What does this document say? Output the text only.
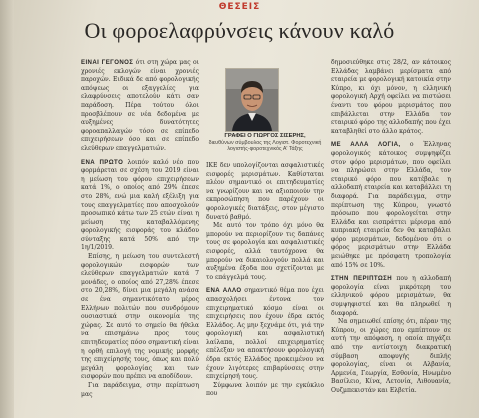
ΘΕΣΕΙΣ
Οι φοροελαφρύνσεις κάνουν καλό

ΕΙΝΑΙ ΓΕΓΟΝΟΣ ότι στη χώρα μας οι χρονιές εκλογών είναι χρονιές παροχών. Ειδικά δε από φορολογικής απόψεως οι εξαγγελίες για ελαφρύνσεις αποτελούν κάτι σαν παράδοση. Πέρα τούτου όλοι προσβλέπουν σε νέα δεδομένα με αυξημένες δυνατότητες φοροαπαλλαγών τόσο σε επίπεδο επιχειρήσεων όσο και σε επίπεδο ελεύθερων επαγγελματιών.

ΕΝΑ ΠΡΩΤΟ λοιπόν καλό νέο που φορμάρεται σε σχέση του 2019 είναι η μείωση του φόρου επιχειρήσεων κατά 1%, ο οποίος από 29% έπεσε στο 28%, ενώ μια καλή εξέλιξη για τους επαγγελματίες που αποσχολούν προσωπικό κάτω των 25 ετών είναι η μείωση της καταβαλλόμενης φορολογικής εισφοράς του κλάδου σύνταξης κατά 50% από την 1η/1/2019.

Επίσης, η μείωση του συντελεστή φορολογικών εισφορών των ελεύθερων επαγγελματιών κατά 7 μονάδες, ο οποίος από 27,28% έπεσε στο 20,28%, δίνει μια μεγάλη ανάσα σε ένα σημαντικότατο μέρος Ελλήνων πολιτών που συνδρόμουν ουσιαστικά στην οικονομία της χώρας. Σε αυτό το σημείο θα ήθελα να επισημάνω προς τους επιτηδευματίες πόσο σημαντική είναι η ορθή επιλογή της νομικής μορφής της επιχείρησής τους, όπως και πολύ μεγάλη φορολογίας και των εισφορών που πρέπει να αποδίδουν.

Για παράδειγμα, στην περίπτωση μας

ΓΡΑΦΕΙ Ο ΓΙΩΡΓΟΣ ΣΙΣΕΡΗΣ,
διευθύνων σύμβουλος της Λογιστ. Φοροτεχνική
λογιστής-φοροτεχνικός Α' Τάξης

ΙΚΕ δεν υπολογίζονται ασφαλιστικές εισφορές μερισμάτων. Καθίσταται πλέον σημαντικό οι επιτηδευματίες να γνωρίζουν και να αξιοποιούν την εκπροσώπηση που παρέχουν οι φορολογικές διατάξεις, στον μέγιστο δυνατό βαθμό.

Με αυτό τον τρόπο όχι μόνο θα μπορούν να περιορίζουν τις δαπάνες τους σε φορολογία και ασφαλιστικές εισφορές, αλλά ταυτόχρονα θα μπορούν να δικαιολογούν πολλά και αυξημένα έξοδα που σχετίζονται με το επάγγελμά τους.

ΕΝΑ ΑΛΛΟ σημαντικό θέμα που έχει απασχολήσει έντονα τον επιχειρηματικό κόσμο είναι οι επιχειρήσεις που έχουν έδρα εκτός Ελλάδος. Ας μην ξεχνάμε ότι, γιά την φορολογική και ασφαλιστική λαίλαπα, πολλοί επιχειρηματίες επέλεξαν να αποκτήσουν φορολογική έδρα εκτός Ελλάδος προκειμένου να έχουν λιγότερες επιβαρύνσεις στην επιχείρησή τους.

Σύμφωνα λοιπόν με την εγκύκλιο που

δημοσιεύθηκε στις 28/2, αν κάτοικος Ελλάδας λαμβάνει μερίσματα από εταιρεία με φορολογική κατοικία στην Κύπρο, κι όχι μόνον, η ελληνική φορολογική Αρχή οφείλει να πιστώσει έναντι του φόρου μερισμάτος που επιβάλλεται στην Ελλάδα τον εταιρικό φόρο της αλλοδαπής που έχει καταβληθεί στο άλλο κράτος.

ΜΕ ΑΛΛΑ ΛΟΓΙΑ, ο Έλληνας φορολογικός κάτοικος συμψηφίζει στον φόρο μερισμάτων, που οφείλει να πληρώσει στην Ελλάδα, τον εταιρικό φόρο που κατέβαλε η αλλοδαπή εταιρεία και καταβάλλει τη διαφορά. Για παράδειγμα, στην περίπτωση της Κύπρου, γνωστό πρόσωπο που φορολογείται στην Ελλάδα και εισπράττει μέρισμα από κυπριακή εταιρεία δεν θα καταβάλει φόρο μερισμάτων, δεδομένου ότι ο φόρος μερισμάτων στην Ελλάδα μειώθηκε με πρόσφατη τροπολογία από 15% σε 10%.

ΣΤΗΝ ΠΕΡΙΠΤΩΣΗ που η αλλοδαπή φορολογία είναι μικρότερη του ελληνικού φόρου μερισμάτων, θα συμψηφιστεί και θα πληρωθεί η διαφορά.

Να σημειωθεί επίσης ότι, πέραν της Κύπρου, οι χώρες που εμπίπτουν σε αυτή την απόφαση, η οποία πηγάζει από την αντίστοιχη διακρατική σύμβαση αποφυγής διπλής φορολογίας, είναι οι Αλβανία, Αρμενία, Γεωργία, Εσθονία, Ηνωμένο Βασίλειο, Κίνα, Λετονία, Λιθουανία, Ουζμπεκιστάν και Ελβετία.
